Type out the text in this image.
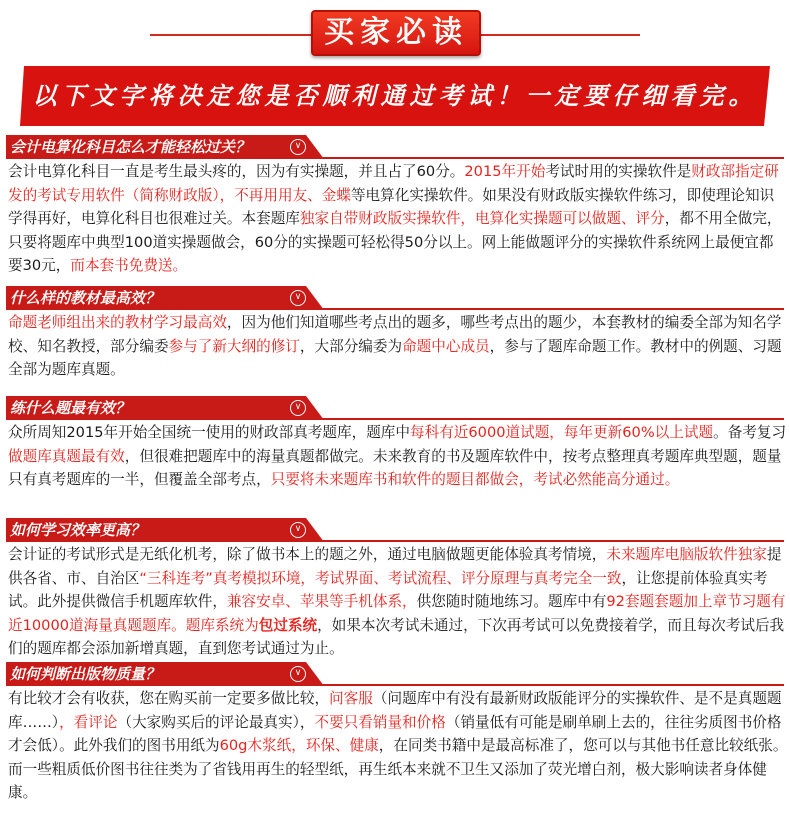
买家必读
以下文字将决定您是否顺利通过考试！一定要仔细看完。
会计电算化科目怎么才能轻松过关？	∨
会计电算化科目一直是考生最头疼的，因为有实操题，并且占了60分。2015年开始考试时用的实操软件是财政部指定研发的考试专用软件（简称财政版），不再用用友、金蝶等电算化实操软件。如果没有财政版实操软件练习，即使理论知识学得再好，电算化科目也很难过关。本套题库独家自带财政版实操软件，电算化实操题可以做题、评分，都不用全做完，只要将题库中典型100道实操题做会，60分的实操题可轻松得50分以上。网上能做题评分的实操软件系统网上最便宜都要30元，而本套书免费送。
什么样的教材最高效？	∨
命题老师组出来的教材学习最高效，因为他们知道哪些考点出的题多，哪些考点出的题少，本套教材的编委全部为知名学校、知名教授，部分编委参与了新大纲的修订，大部分编委为命题中心成员，参与了题库命题工作。教材中的例题、习题全部为题库真题。
练什么题最有效？	∨
众所周知2015年开始全国统一使用的财政部真考题库，题库中每科有近6000道试题，每年更新60%以上试题。备考复习做题库真题最有效，但很难把题库中的海量真题都做完。未来教育的书及题库软件中，按考点整理真考题库典型题，题量只有真考题库的一半，但覆盖全部考点，只要将未来题库书和软件的题目都做会，考试必然能高分通过。
如何学习效率更高？	∨
会计证的考试形式是无纸化机考，除了做书本上的题之外，通过电脑做题更能体验真考情境，未来题库电脑版软件独家提供各省、市、自治区“三科连考”真考模拟环境，考试界面、考试流程、评分原理与真考完全一致，让您提前体验真实考试。此外提供微信手机题库软件，兼容安卓、苹果等手机体系，供您随时随地练习。题库中有92套题套题加上章节习题有近10000道海量真题题库。题库系统为包过系统，如果本次考试未通过，下次再考试可以免费接着学，而且每次考试后我们的题库都会添加新增真题，直到您考试通过为止。
如何判断出版物质量？	∨
有比较才会有收获，您在购买前一定要多做比较，问客服（问题库中有没有最新财政版能评分的实操软件、是不是真题题库……），看评论（大家购买后的评论最真实），不要只看销量和价格（销量低有可能是刷单刷上去的，往往劣质图书价格才会低）。此外我们的图书用纸为60g木浆纸，环保、健康，在同类书籍中是最高标准了，您可以与其他书任意比较纸张。而一些粗质低价图书往往类为了省钱用再生的轻型纸，再生纸本来就不卫生又添加了荧光增白剂，极大影响读者身体健康。
